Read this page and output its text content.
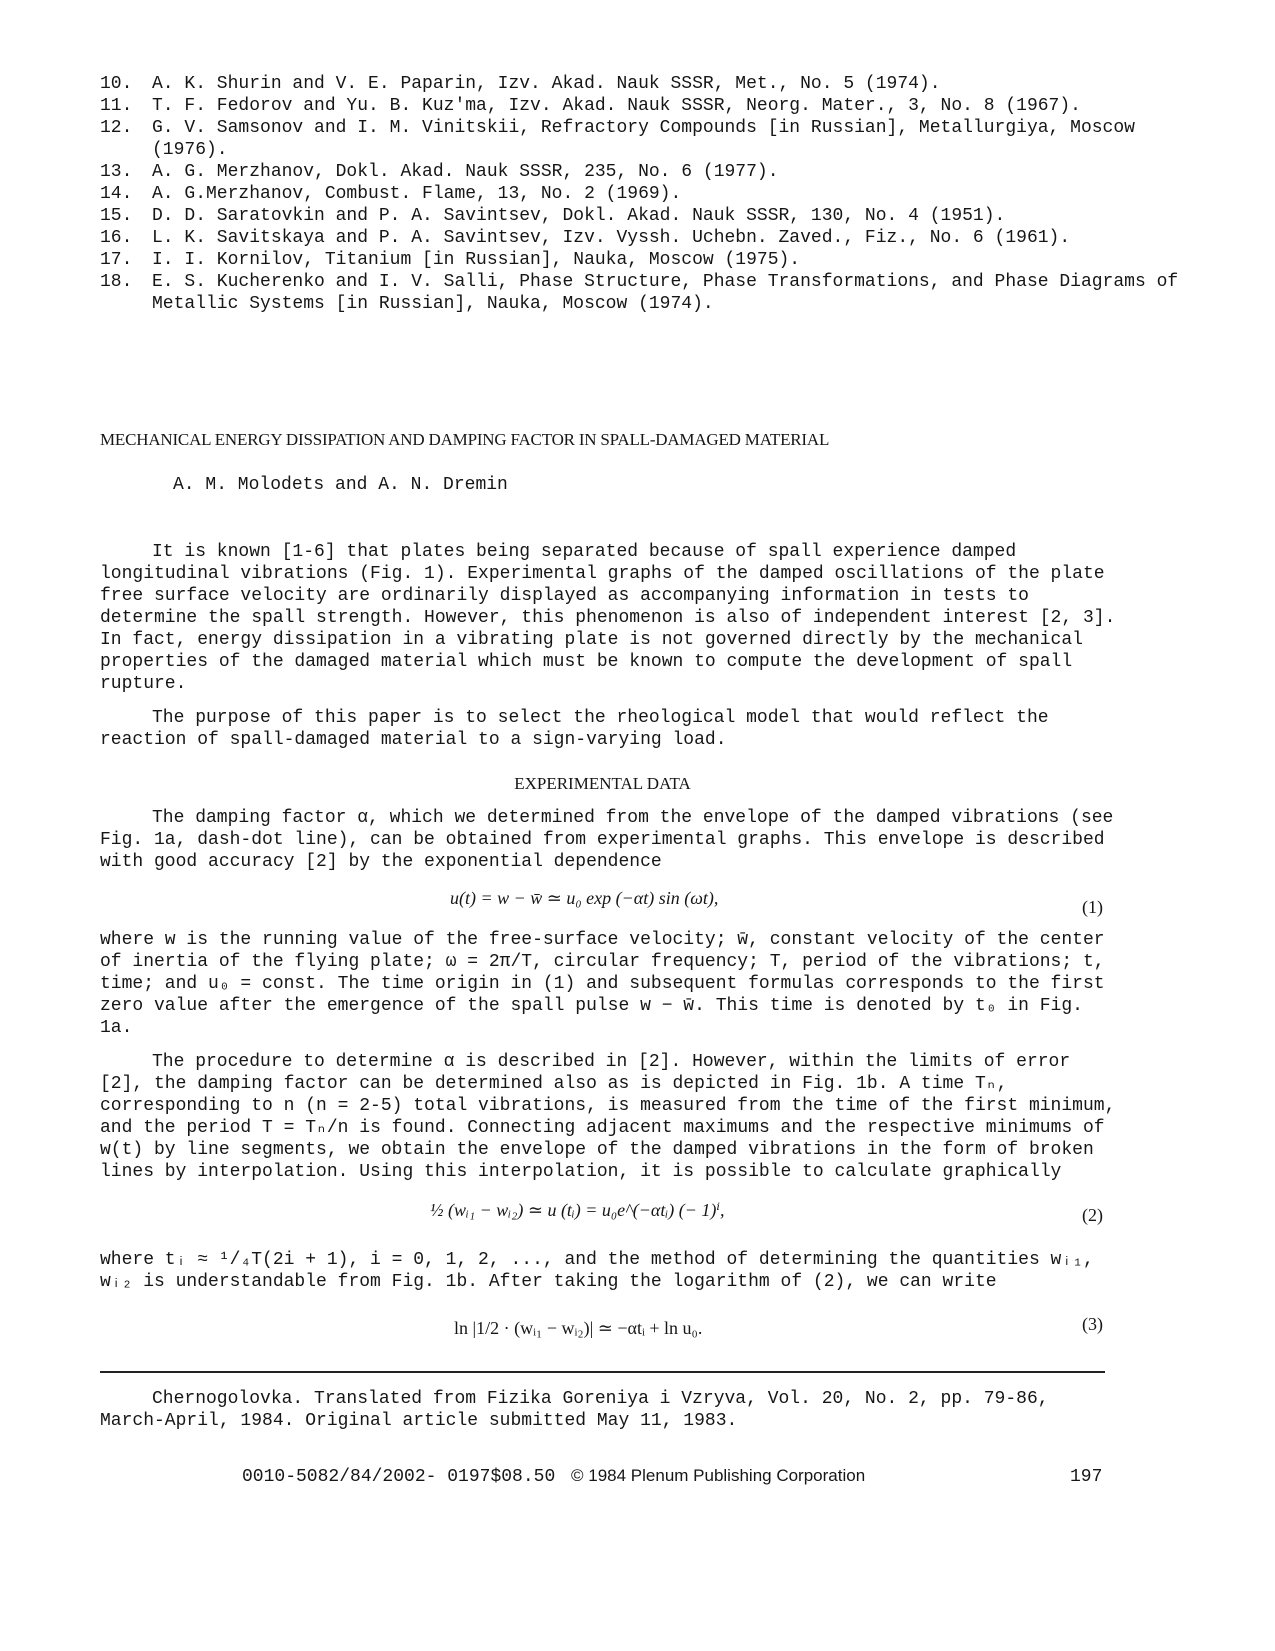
10.	A. K. Shurin and V. E. Paparin, Izv. Akad. Nauk SSSR, Met., No. 5 (1974).
11.	T. F. Fedorov and Yu. B. Kuz'ma, Izv. Akad. Nauk SSSR, Neorg. Mater., 3, No. 8 (1967).
12.	G. V. Samsonov and I. M. Vinitskii, Refractory Compounds [in Russian], Metallurgiya, Moscow (1976).
13.	A. G. Merzhanov, Dokl. Akad. Nauk SSSR, 235, No. 6 (1977).
14.	A. G.Merzhanov, Combust. Flame, 13, No. 2 (1969).
15.	D. D. Saratovkin and P. A. Savintsev, Dokl. Akad. Nauk SSSR, 130, No. 4 (1951).
16.	L. K. Savitskaya and P. A. Savintsev, Izv. Vyssh. Uchebn. Zaved., Fiz., No. 6 (1961).
17.	I. I. Kornilov, Titanium [in Russian], Nauka, Moscow (1975).
18.	E. S. Kucherenko and I. V. Salli, Phase Structure, Phase Transformations, and Phase Diagrams of Metallic Systems [in Russian], Nauka, Moscow (1974).
MECHANICAL ENERGY DISSIPATION AND DAMPING FACTOR IN SPALL-DAMAGED MATERIAL
A. M. Molodets and A. N. Dremin
It is known [1-6] that plates being separated because of spall experience damped longitudinal vibrations (Fig. 1). Experimental graphs of the damped oscillations of the plate free surface velocity are ordinarily displayed as accompanying information in tests to determine the spall strength. However, this phenomenon is also of independent interest [2, 3]. In fact, energy dissipation in a vibrating plate is not governed directly by the mechanical properties of the damaged material which must be known to compute the development of spall rupture.
The purpose of this paper is to select the rheological model that would reflect the reaction of spall-damaged material to a sign-varying load.
EXPERIMENTAL DATA
The damping factor α, which we determined from the envelope of the damped vibrations (see Fig. 1a, dash-dot line), can be obtained from experimental graphs. This envelope is described with good accuracy [2] by the exponential dependence
u(t) = w − w̄ ≃ u₀ exp (−αt) sin (ωt),	(1)
where w is the running value of the free-surface velocity; w̄, constant velocity of the center of inertia of the flying plate; ω = 2π/T, circular frequency; T, period of the vibrations; t, time; and u₀ = const. The time origin in (1) and subsequent formulas corresponds to the first zero value after the emergence of the spall pulse w − w̄. This time is denoted by t₀ in Fig. 1a.
The procedure to determine α is described in [2]. However, within the limits of error [2], the damping factor can be determined also as is depicted in Fig. 1b. A time Tₙ, corresponding to n (n = 2-5) total vibrations, is measured from the time of the first minimum, and the period T = Tₙ/n is found. Connecting adjacent maximums and the respective minimums of w(t) by line segments, we obtain the envelope of the damped vibrations in the form of broken lines by interpolation. Using this interpolation, it is possible to calculate graphically
½ (wᵢ₁ − wᵢ₂) ≃ u (tᵢ) = u₀e^(−αtᵢ) (− 1)ⁱ,	(2)
where tᵢ ≈ ¹/₄T(2i + 1), i = 0, 1, 2, ..., and the method of determining the quantities wᵢ₁, wᵢ₂ is understandable from Fig. 1b. After taking the logarithm of (2), we can write
ln |1/2 · (wᵢ₁ − wᵢ₂)| ≃ −αtᵢ + ln u₀.	(3)
Chernogolovka. Translated from Fizika Goreniya i Vzryva, Vol. 20, No. 2, pp. 79-86, March-April, 1984. Original article submitted May 11, 1983.
0010-5082/84/2002- 0197$08.50 © 1984 Plenum Publishing Corporation	197
